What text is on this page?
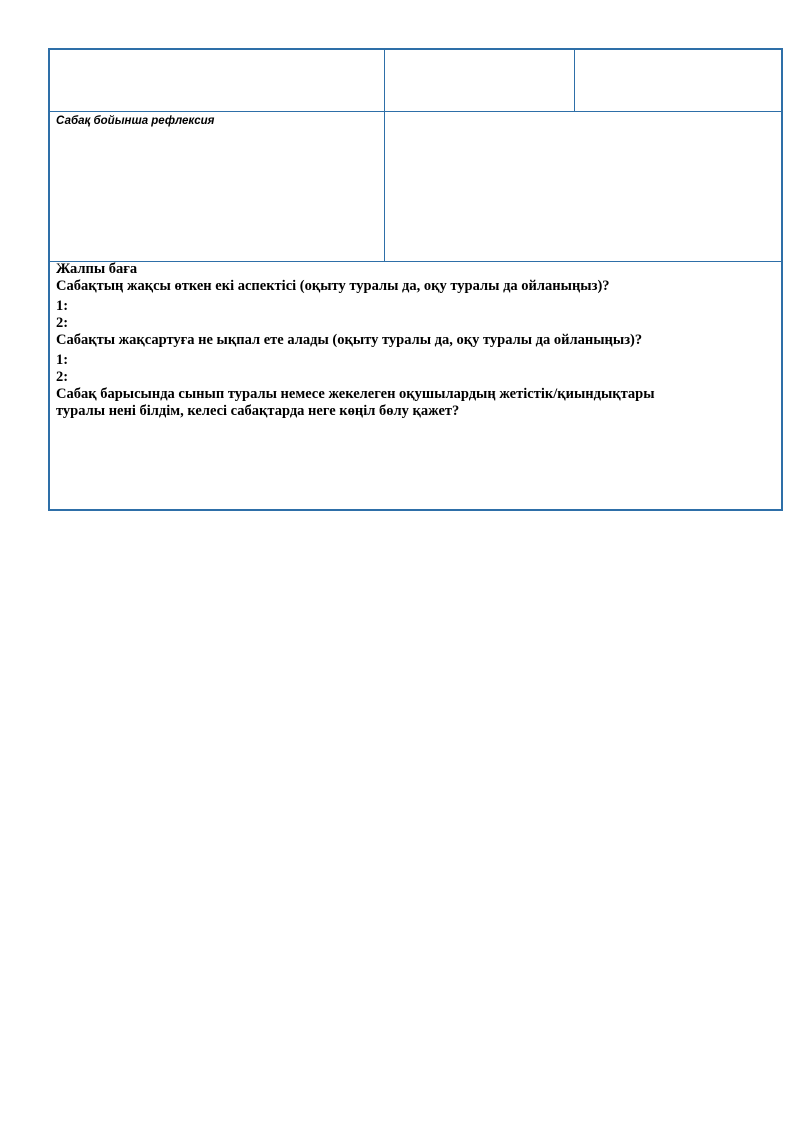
Сабақ бойынша рефлексия
Жалпы баға
Сабақтың жақсы өткен екі аспектісі (оқыту туралы да, оқу туралы да ойланыңыз)?
1:
2:
Сабақты жақсартуға не ықпал ете алады (оқыту туралы да, оқу туралы да ойланыңыз)?
1:
2:
Сабақ барысында сынып туралы немесе жекелеген оқушылардың жетістік/қиындықтары
туралы нені білдім, келесі сабақтарда неге көңіл бөлу қажет?
